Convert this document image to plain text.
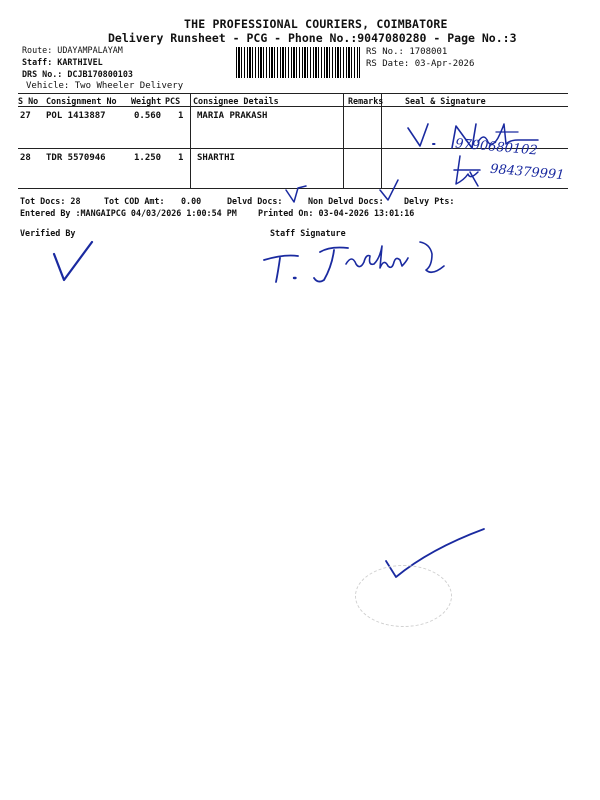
THE PROFESSIONAL COURIERS, COIMBATORE
Delivery Runsheet - PCG - Phone No.:9047080280 - Page No.:3
Route: UDAYAMPALAYAM
Staff: KARTHIVEL
DRS No.: DCJB170800103
Vehicle: Two Wheeler Delivery
RS No.: 1708001
RS Date: 03-Apr-2026
S No Consignment No Weight PCS Consignee Details	Remarks	Seal & Signature
27 POL 1413887	0.560 1 MARIA PRAKASH
28 TDR 5570946	1.250 1 SHARTHI
Tot Docs: 28	Tot COD Amt: 0.00	Delvd Docs:	Non Delvd Docs: Delvy Pts:
Entered By :MANGAIPCG 04/03/2026 1:00:54 PM	Printed On: 03-04-2026 13:01:16
Verified By	Staff Signature
9790680102
984379991
